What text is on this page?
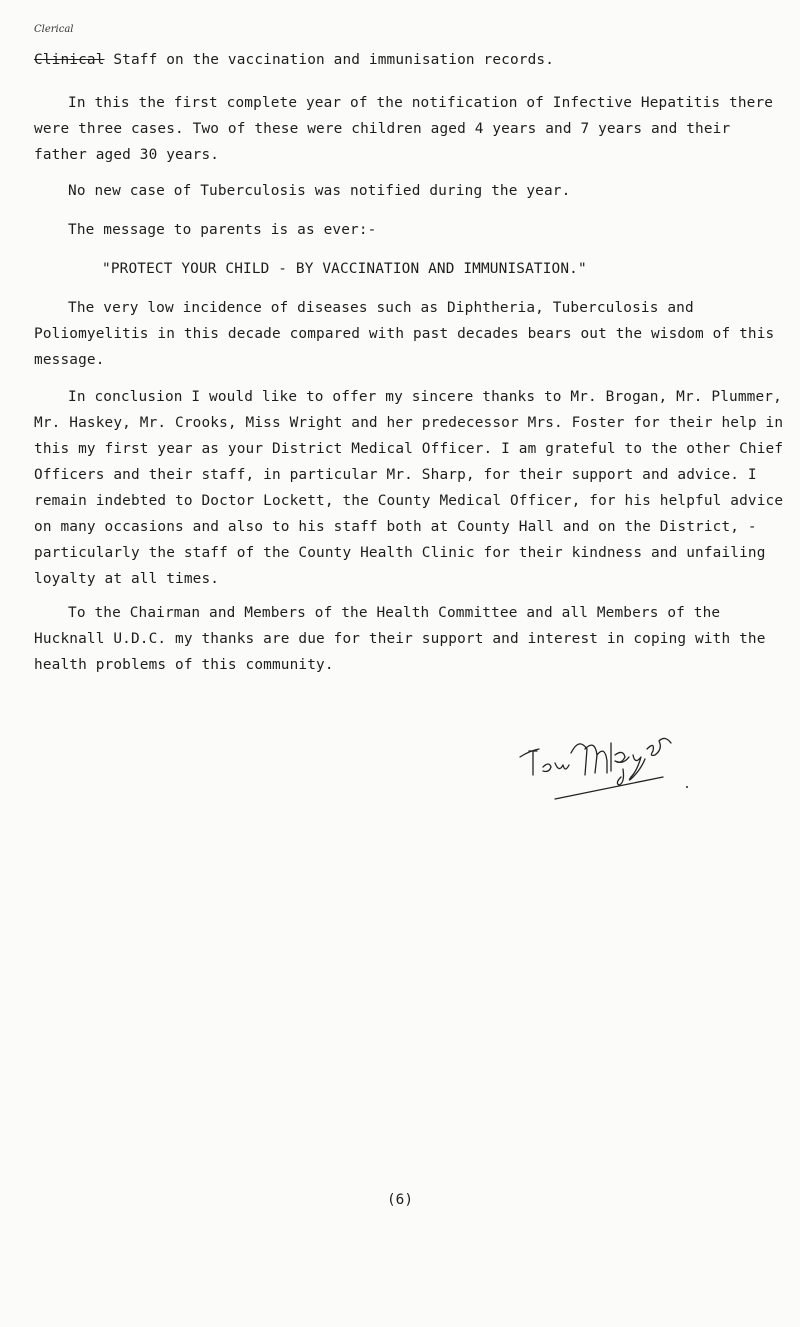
Clerical
Clinical Staff on the vaccination and immunisation records.

In this the first complete year of the notification of Infective Hepatitis there were three cases. Two of these were children aged 4 years and 7 years and their father aged 30 years.

No new case of Tuberculosis was notified during the year.

The message to parents is as ever:-

"PROTECT YOUR CHILD - BY VACCINATION AND IMMUNISATION."

The very low incidence of diseases such as Diphtheria, Tuberculosis and Poliomyelitis in this decade compared with past decades bears out the wisdom of this message.

In conclusion I would like to offer my sincere thanks to Mr. Brogan, Mr. Plummer, Mr. Haskey, Mr. Crooks, Miss Wright and her predecessor Mrs. Foster for their help in this my first year as your District Medical Officer. I am grateful to the other Chief Officers and their staff, in particular Mr. Sharp, for their support and advice. I remain indebted to Doctor Lockett, the County Medical Officer, for his helpful advice on many occasions and also to his staff both at County Hall and on the District, - particularly the staff of the County Health Clinic for their kindness and unfailing loyalty at all times.

To the Chairman and Members of the Health Committee and all Members of the Hucknall U.D.C. my thanks are due for their support and interest in coping with the health problems of this community.

(6)
